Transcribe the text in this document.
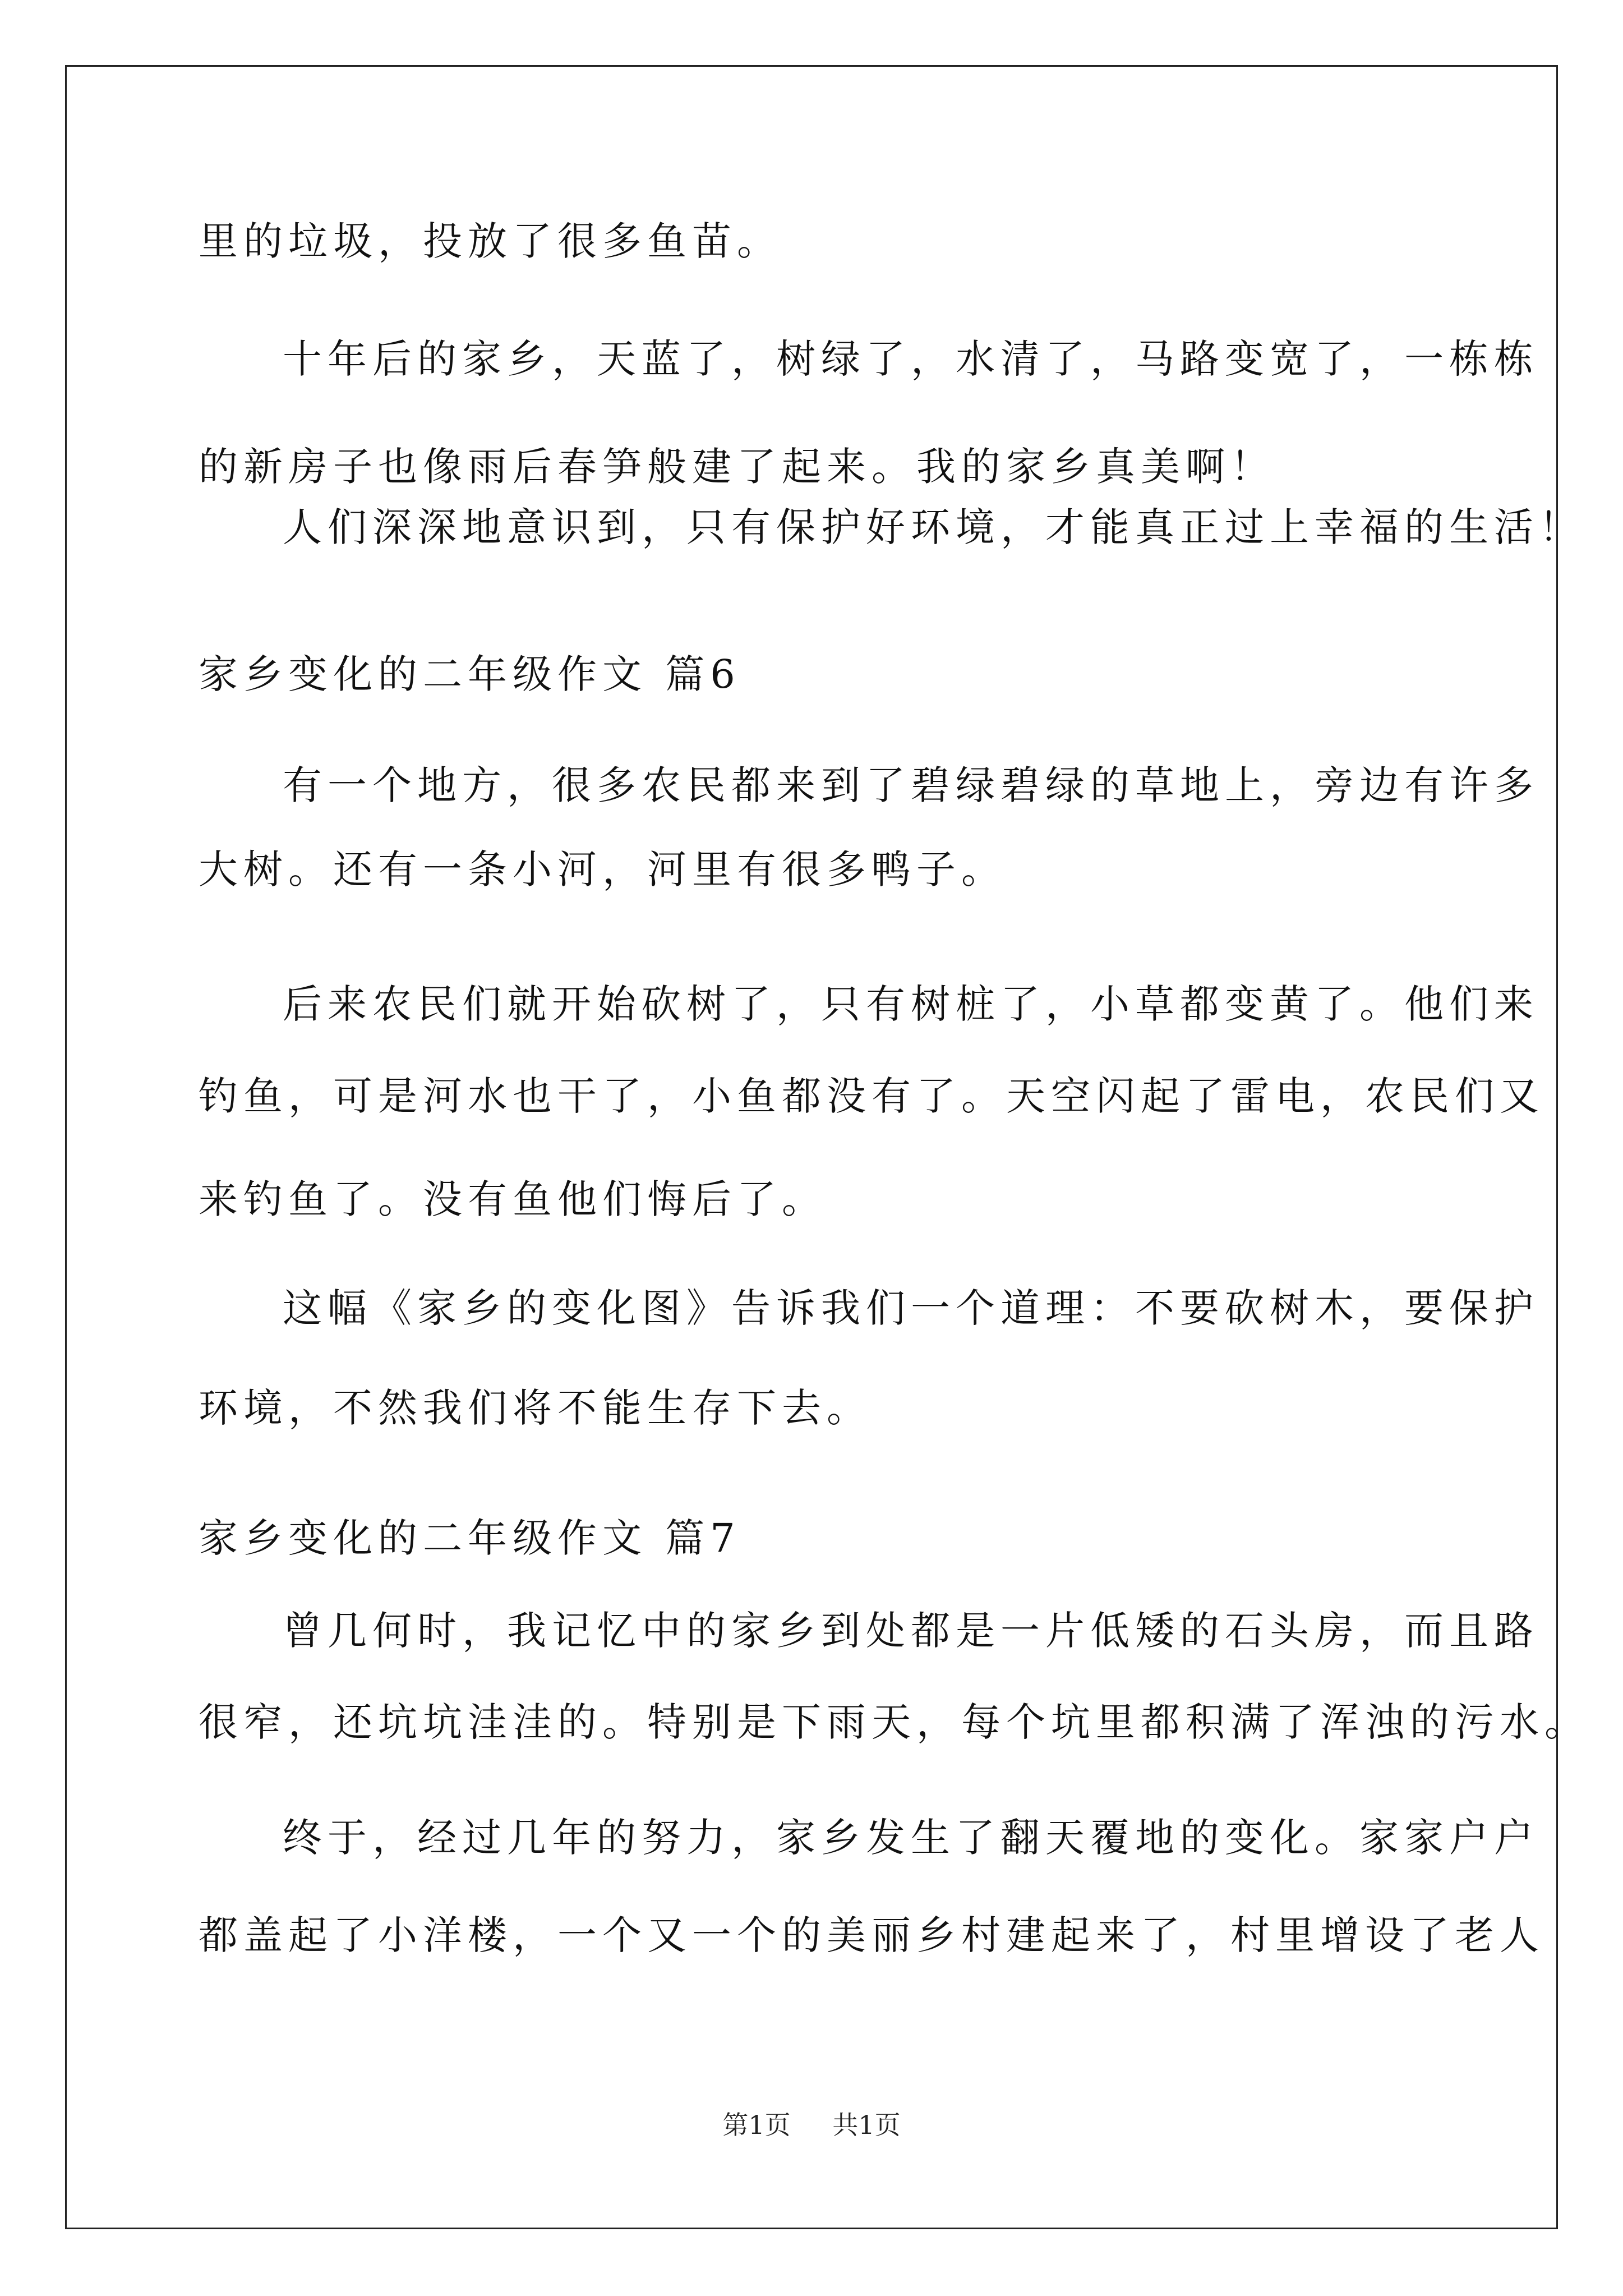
里的垃圾，投放了很多鱼苗。
十年后的家乡，天蓝了，树绿了，水清了，马路变宽了，一栋栋
的新房子也像雨后春笋般建了起来。我的家乡真美啊！
人们深深地意识到，只有保护好环境，才能真正过上幸福的生活！
家乡变化的二年级作文 篇6
有一个地方，很多农民都来到了碧绿碧绿的草地上，旁边有许多
大树。还有一条小河，河里有很多鸭子。
后来农民们就开始砍树了，只有树桩了，小草都变黄了。他们来
钓鱼，可是河水也干了，小鱼都没有了。天空闪起了雷电，农民们又
来钓鱼了。没有鱼他们悔后了。
这幅《家乡的变化图》告诉我们一个道理：不要砍树木，要保护
环境，不然我们将不能生存下去。
家乡变化的二年级作文 篇7
曾几何时，我记忆中的家乡到处都是一片低矮的石头房，而且路
很窄，还坑坑洼洼的。特别是下雨天，每个坑里都积满了浑浊的污水。
终于，经过几年的努力，家乡发生了翻天覆地的变化。家家户户
都盖起了小洋楼，一个又一个的美丽乡村建起来了，村里增设了老人
第1页 共1页
